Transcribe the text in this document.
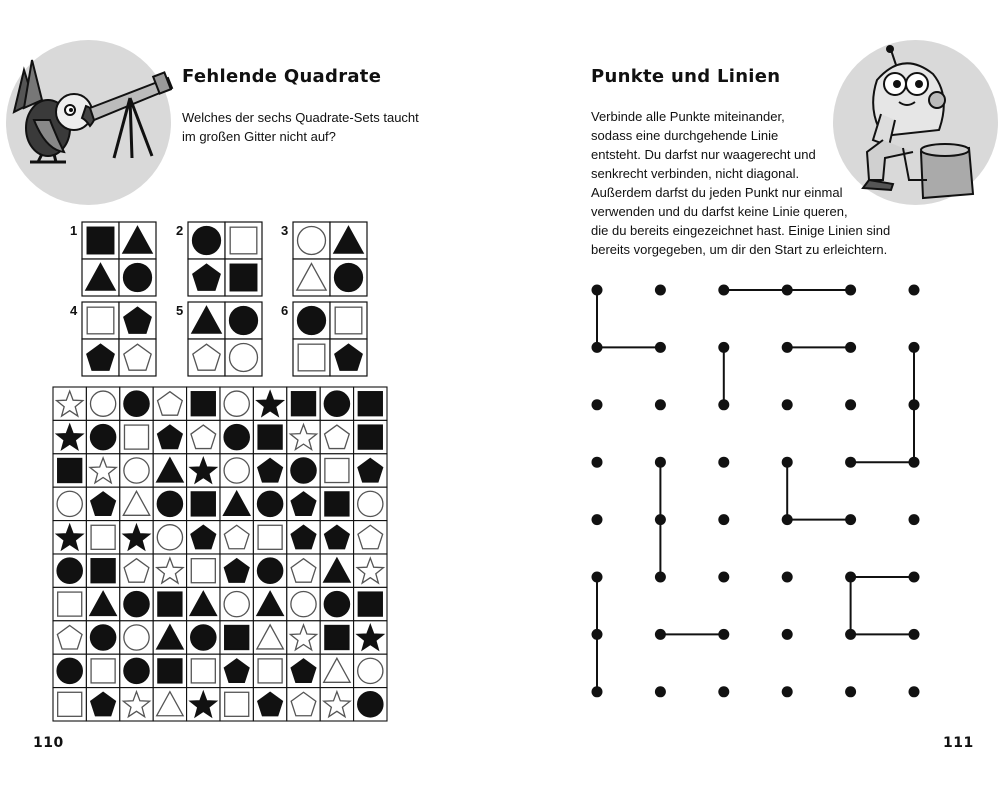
Fehlende Quadrate
Welches der sechs Quadrate-Sets taucht
im großen Gitter nicht auf?
1	2	3
4	5	6
110
Punkte und Linien
Verbinde alle Punkte miteinander,
sodass eine durchgehende Linie
entsteht. Du darfst nur waagerecht und
senkrecht verbinden, nicht diagonal.
Außerdem darfst du jeden Punkt nur einmal
verwenden und du darfst keine Linie queren,
die du bereits eingezeichnet hast. Einige Linien sind
bereits vorgegeben, um dir den Start zu erleichtern.
111
